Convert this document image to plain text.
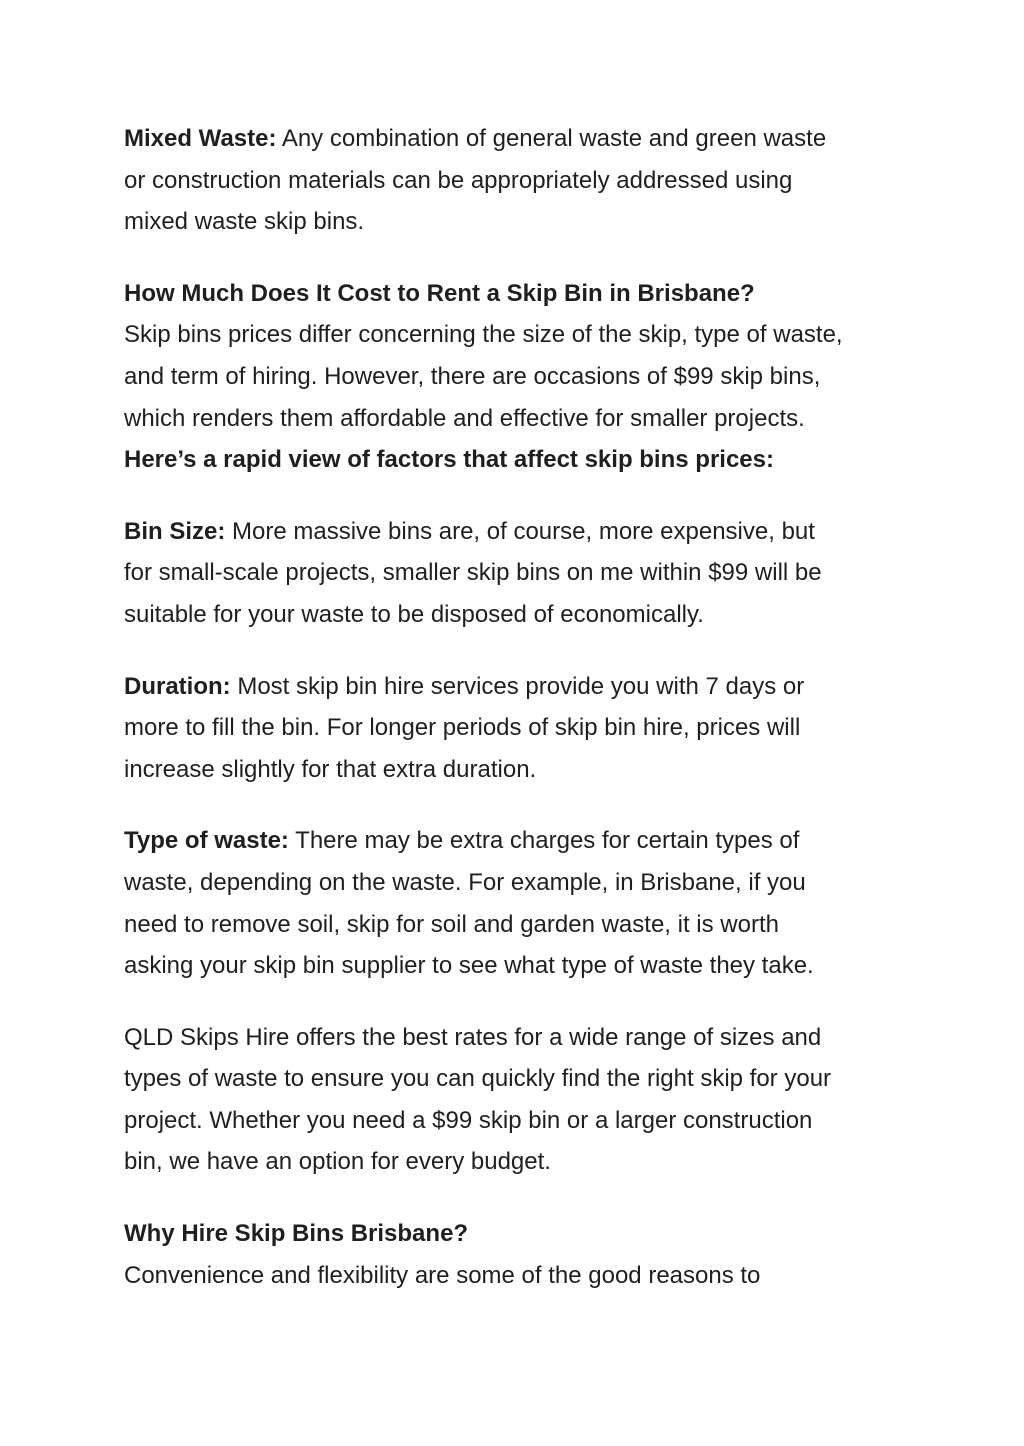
Mixed Waste: Any combination of general waste and green waste
or construction materials can be appropriately addressed using
mixed waste skip bins.

How Much Does It Cost to Rent a Skip Bin in Brisbane?
Skip bins prices differ concerning the size of the skip, type of waste,
and term of hiring. However, there are occasions of $99 skip bins,
which renders them affordable and effective for smaller projects.
Here’s a rapid view of factors that affect skip bins prices:

Bin Size: More massive bins are, of course, more expensive, but
for small-scale projects, smaller skip bins on me within $99 will be
suitable for your waste to be disposed of economically.

Duration: Most skip bin hire services provide you with 7 days or
more to fill the bin. For longer periods of skip bin hire, prices will
increase slightly for that extra duration.

Type of waste: There may be extra charges for certain types of
waste, depending on the waste. For example, in Brisbane, if you
need to remove soil, skip for soil and garden waste, it is worth
asking your skip bin supplier to see what type of waste they take.

QLD Skips Hire offers the best rates for a wide range of sizes and
types of waste to ensure you can quickly find the right skip for your
project. Whether you need a $99 skip bin or a larger construction
bin, we have an option for every budget.

Why Hire Skip Bins Brisbane?
Convenience and flexibility are some of the good reasons to
